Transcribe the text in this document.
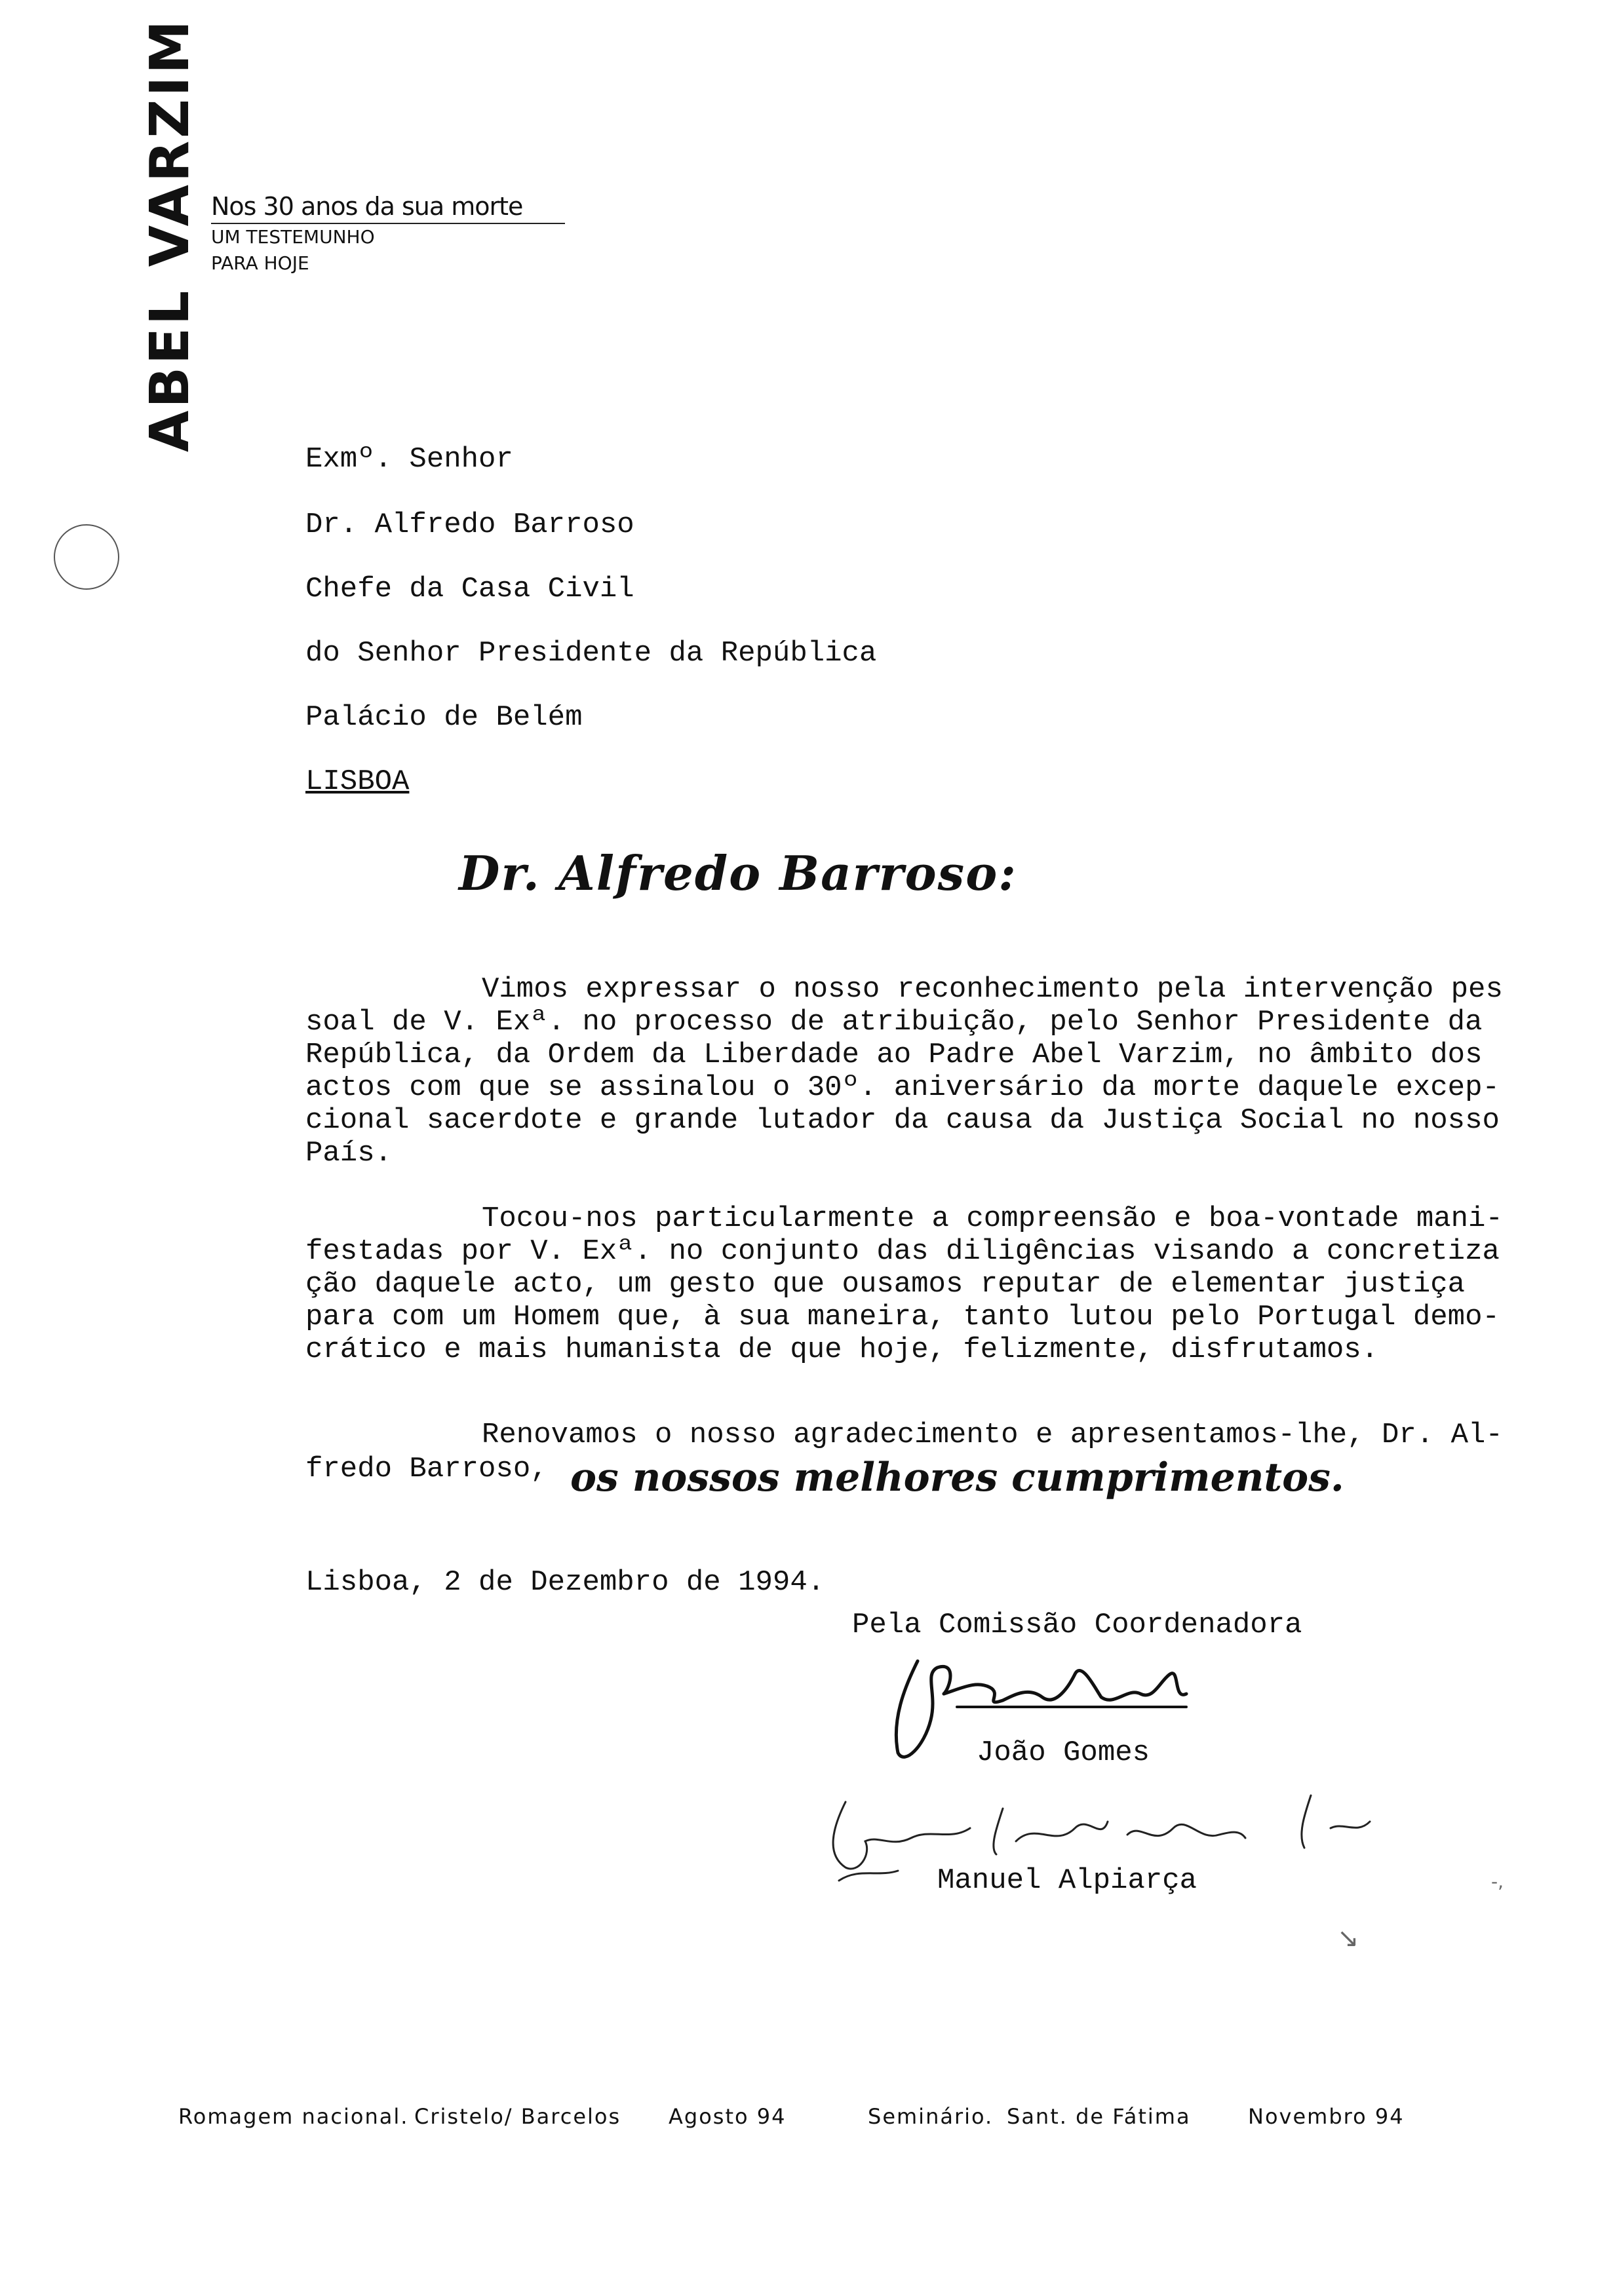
ABEL VARZIM Nos 30 anos da sua morte
UM TESTEMUNHO
PARA HOJE
Exmº. Senhor
Dr. Alfredo Barroso
Chefe da Casa Civil
do Senhor Presidente da República
Palácio de Belém
LISBOA
Dr. Alfredo Barroso:
Vimos expressar o nosso reconhecimento pela intervenção pes
soal de V. Exª. no processo de atribuição, pelo Senhor Presidente da
República, da Ordem da Liberdade ao Padre Abel Varzim, no âmbito dos
actos com que se assinalou o 30º. aniversário da morte daquele excep-
cional sacerdote e grande lutador da causa da Justiça Social no nosso
País.
Tocou-nos particularmente a compreensão e boa-vontade mani-
festadas por V. Exª. no conjunto das diligências visando a concretiza
ção daquele acto, um gesto que ousamos reputar de elementar justiça
para com um Homem que, à sua maneira, tanto lutou pelo Portugal demo-
crático e mais humanista de que hoje, felizmente, disfrutamos.
Renovamos o nosso agradecimento e apresentamos-lhe, Dr. Al-
fredo Barroso, os nossos melhores cumprimentos.
Lisboa, 2 de Dezembro de 1994.
Pela Comissão Coordenadora
João Gomes
Manuel Alpiarça
↘
-,
Romagem nacional. Cristelo/ Barcelos Agosto 94	Seminário. Sant. de Fátima	Novembro 94
